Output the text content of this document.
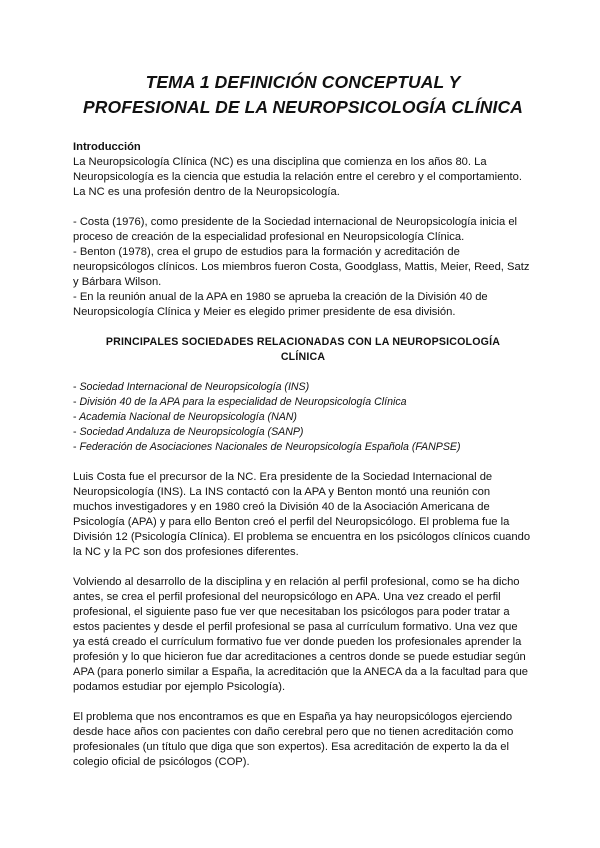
TEMA 1 DEFINICIÓN CONCEPTUAL Y
PROFESIONAL DE LA NEUROPSICOLOGÍA CLÍNICA
Introducción
La Neuropsicología Clínica (NC) es una disciplina que comienza en los años 80. La
Neuropsicología es la ciencia que estudia la relación entre el cerebro y el comportamiento.
La NC es una profesión dentro de la Neuropsicología.
- Costa (1976), como presidente de la Sociedad internacional de Neuropsicología inicia el
proceso de creación de la especialidad profesional en Neuropsicología Clínica.
- Benton (1978), crea el grupo de estudios para la formación y acreditación de
neuropsicólogos clínicos. Los miembros fueron Costa, Goodglass, Mattis, Meier, Reed, Satz
y Bárbara Wilson.
- En la reunión anual de la APA en 1980 se aprueba la creación de la División 40 de
Neuropsicología Clínica y Meier es elegido primer presidente de esa división.
PRINCIPALES SOCIEDADES RELACIONADAS CON LA NEUROPSICOLOGÍA
CLÍNICA
- Sociedad Internacional de Neuropsicología (INS)
- División 40 de la APA para la especialidad de Neuropsicología Clínica
- Academia Nacional de Neuropsicología (NAN)
- Sociedad Andaluza de Neuropsicología (SANP)
- Federación de Asociaciones Nacionales de Neuropsicología Española (FANPSE)
Luis Costa fue el precursor de la NC. Era presidente de la Sociedad Internacional de
Neuropsicología (INS). La INS contactó con la APA y Benton montó una reunión con
muchos investigadores y en 1980 creó la División 40 de la Asociación Americana de
Psicología (APA) y para ello Benton creó el perfil del Neuropsicólogo. El problema fue la
División 12 (Psicología Clínica). El problema se encuentra en los psicólogos clínicos cuando
la NC y la PC son dos profesiones diferentes.
Volviendo al desarrollo de la disciplina y en relación al perfil profesional, como se ha dicho
antes, se crea el perfil profesional del neuropsicólogo en APA. Una vez creado el perfil
profesional, el siguiente paso fue ver que necesitaban los psicólogos para poder tratar a
estos pacientes y desde el perfil profesional se pasa al currículum formativo. Una vez que
ya está creado el currículum formativo fue ver donde pueden los profesionales aprender la
profesión y lo que hicieron fue dar acreditaciones a centros donde se puede estudiar según
APA (para ponerlo similar a España, la acreditación que la ANECA da a la facultad para que
podamos estudiar por ejemplo Psicología).
El problema que nos encontramos es que en España ya hay neuropsicólogos ejerciendo
desde hace años con pacientes con daño cerebral pero que no tienen acreditación como
profesionales (un título que diga que son expertos). Esa acreditación de experto la da el
colegio oficial de psicólogos (COP).
